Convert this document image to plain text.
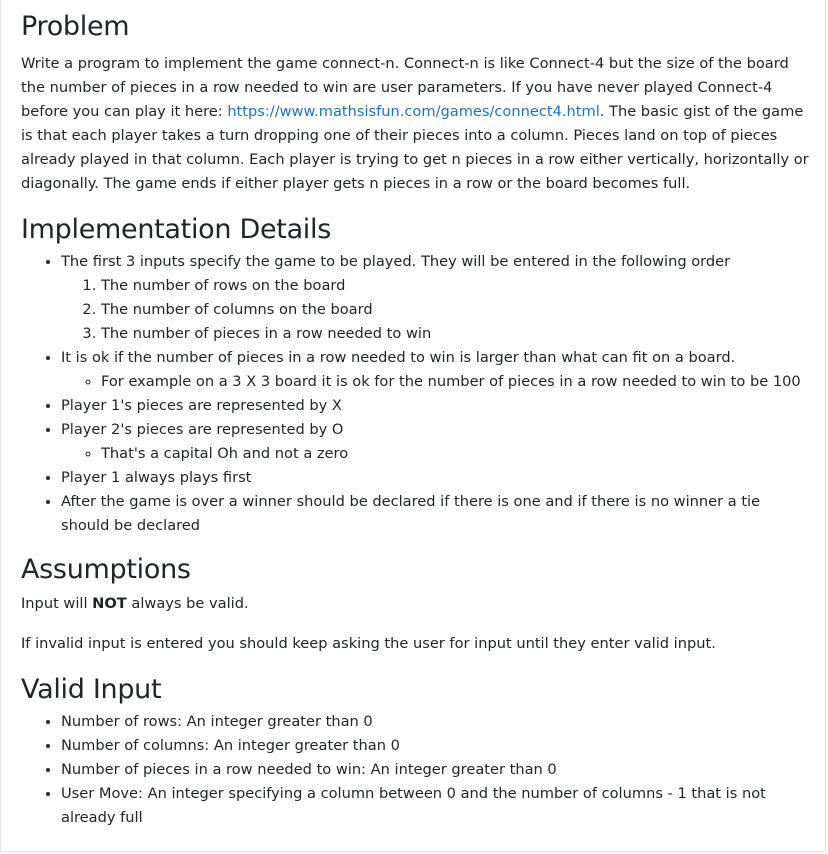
Problem

Write a program to implement the game connect-n. Connect-n is like Connect-4 but the size of the board the number of pieces in a row needed to win are user parameters. If you have never played Connect-4 before you can play it here: https://www.mathsisfun.com/games/connect4.html. The basic gist of the game is that each player takes a turn dropping one of their pieces into a column. Pieces land on top of pieces already played in that column. Each player is trying to get n pieces in a row either vertically, horizontally or diagonally. The game ends if either player gets n pieces in a row or the board becomes full.

Implementation Details
• The first 3 inputs specify the game to be played. They will be entered in the following order
1. The number of rows on the board
2. The number of columns on the board
3. The number of pieces in a row needed to win
• It is ok if the number of pieces in a row needed to win is larger than what can fit on a board.
◦ For example on a 3 X 3 board it is ok for the number of pieces in a row needed to win to be 100
• Player 1's pieces are represented by X
• Player 2's pieces are represented by O
◦ That's a capital Oh and not a zero
• Player 1 always plays first
• After the game is over a winner should be declared if there is one and if there is no winner a tie should be declared
Assumptions

Input will NOT always be valid.

If invalid input is entered you should keep asking the user for input until they enter valid input.

Valid Input
• Number of rows: An integer greater than 0
• Number of columns: An integer greater than 0
• Number of pieces in a row needed to win: An integer greater than 0
• User Move: An integer specifying a column between 0 and the number of columns - 1 that is not already full
